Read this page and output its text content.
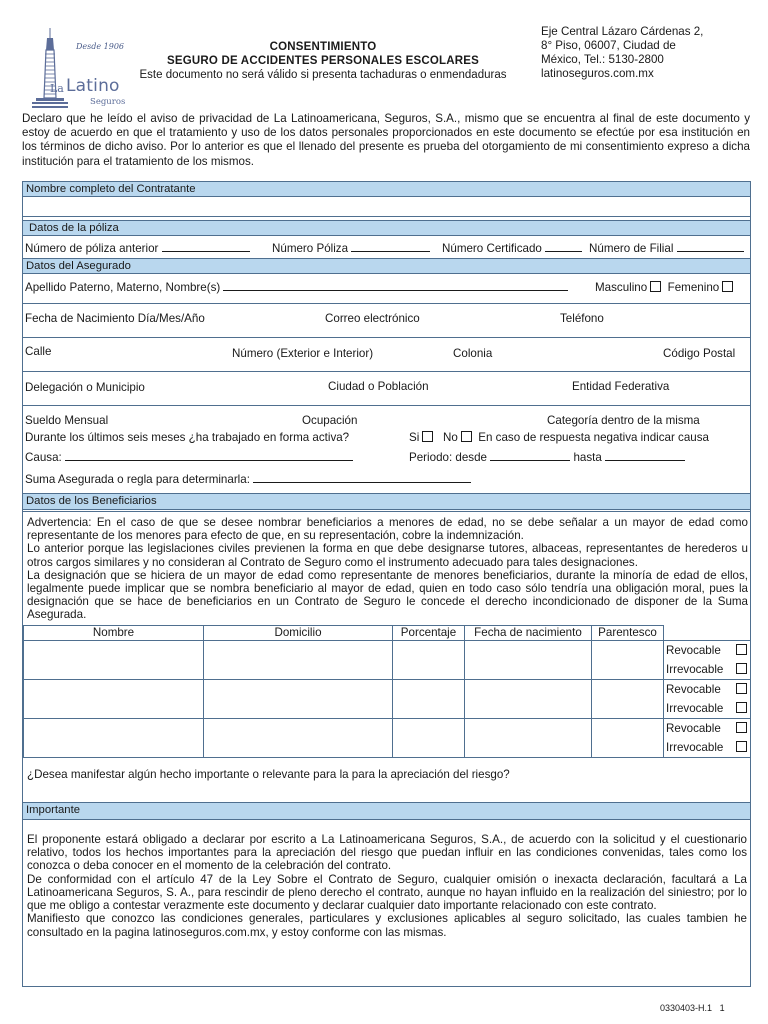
Desde 1906
La Latino
Seguros
CONSENTIMIENTO
SEGURO DE ACCIDENTES PERSONALES ESCOLARES
Este documento no será válido si presenta tachaduras o enmendaduras
Eje Central Lázaro Cárdenas 2,
8° Piso, 06007, Ciudad de
México, Tel.: 5130-2800
latinoseguros.com.mx
Declaro que he leído el aviso de privacidad de La Latinoamericana, Seguros, S.A., mismo que se encuentra al final de este documento y estoy de acuerdo en que el tratamiento y uso de los datos personales proporcionados en este documento se efectúe por esa institución en los términos de dicho aviso. Por lo anterior es que el llenado del presente es prueba del otorgamiento de mi consentimiento expreso a dicha institución para el tratamiento de los mismos.
Nombre completo del Contratante
Datos de la póliza
Número de póliza anterior	Número Póliza	Número Certificado	Número de Filial
Datos del Asegurado
Apellido Paterno, Materno, Nombre(s)	Masculino Femenino
Fecha de Nacimiento Día/Mes/Año	Correo electrónico	Teléfono
Calle	Número (Exterior e Interior)	Colonia	Código Postal
Delegación o Municipio	Ciudad o Población	Entidad Federativa
Sueldo Mensual	Ocupación	Categoría dentro de la misma
Durante los últimos seis meses ¿ha trabajado en forma activa?	Si No En caso de respuesta negativa indicar causa
Causa:	Periodo: desde	hasta
Suma Asegurada o regla para determinarla:
Datos de los Beneficiarios
Advertencia: En el caso de que se desee nombrar beneficiarios a menores de edad, no se debe señalar a un mayor de edad como representante de los menores para efecto de que, en su representación, cobre la indemnización.
Lo anterior porque las legislaciones civiles previenen la forma en que debe designarse tutores, albaceas, representantes de herederos u otros cargos similares y no consideran al Contrato de Seguro como el instrumento adecuado para tales designaciones.
La designación que se hiciera de un mayor de edad como representante de menores beneficiarios, durante la minoría de edad de ellos, legalmente puede implicar que se nombra beneficiario al mayor de edad, quien en todo caso sólo tendría una obligación moral, pues la designación que se hace de beneficiarios en un Contrato de Seguro le concede el derecho incondicionado de disponer de la Suma Asegurada.
Nombre	Domicilio	Porcentaje	Fecha de nacimiento	Parentesco	

					Revocable
Irrevocable

					Revocable
Irrevocable

					Revocable
Irrevocable
¿Desea manifestar algún hecho importante o relevante para la para la apreciación del riesgo?
Importante
El proponente estará obligado a declarar por escrito a La Latinoamericana Seguros, S.A., de acuerdo con la solicitud y el cuestionario relativo, todos los hechos importantes para la apreciación del riesgo que puedan influir en las condiciones convenidas, tales como los conozca o deba conocer en el momento de la celebración del contrato.
De conformidad con el artículo 47 de la Ley Sobre el Contrato de Seguro, cualquier omisión o inexacta declaración, facultará a La Latinoamericana Seguros, S. A., para rescindir de pleno derecho el contrato, aunque no hayan influido en la realización del siniestro; por lo que me obligo a contestar verazmente este documento y declarar cualquier dato importante relacionado con este contrato.
Manifiesto que conozco las condiciones generales, particulares y exclusiones aplicables al seguro solicitado, las cuales tambien he consultado en la pagina latinoseguros.com.mx, y estoy conforme con las mismas.
0330403-H.1 1
